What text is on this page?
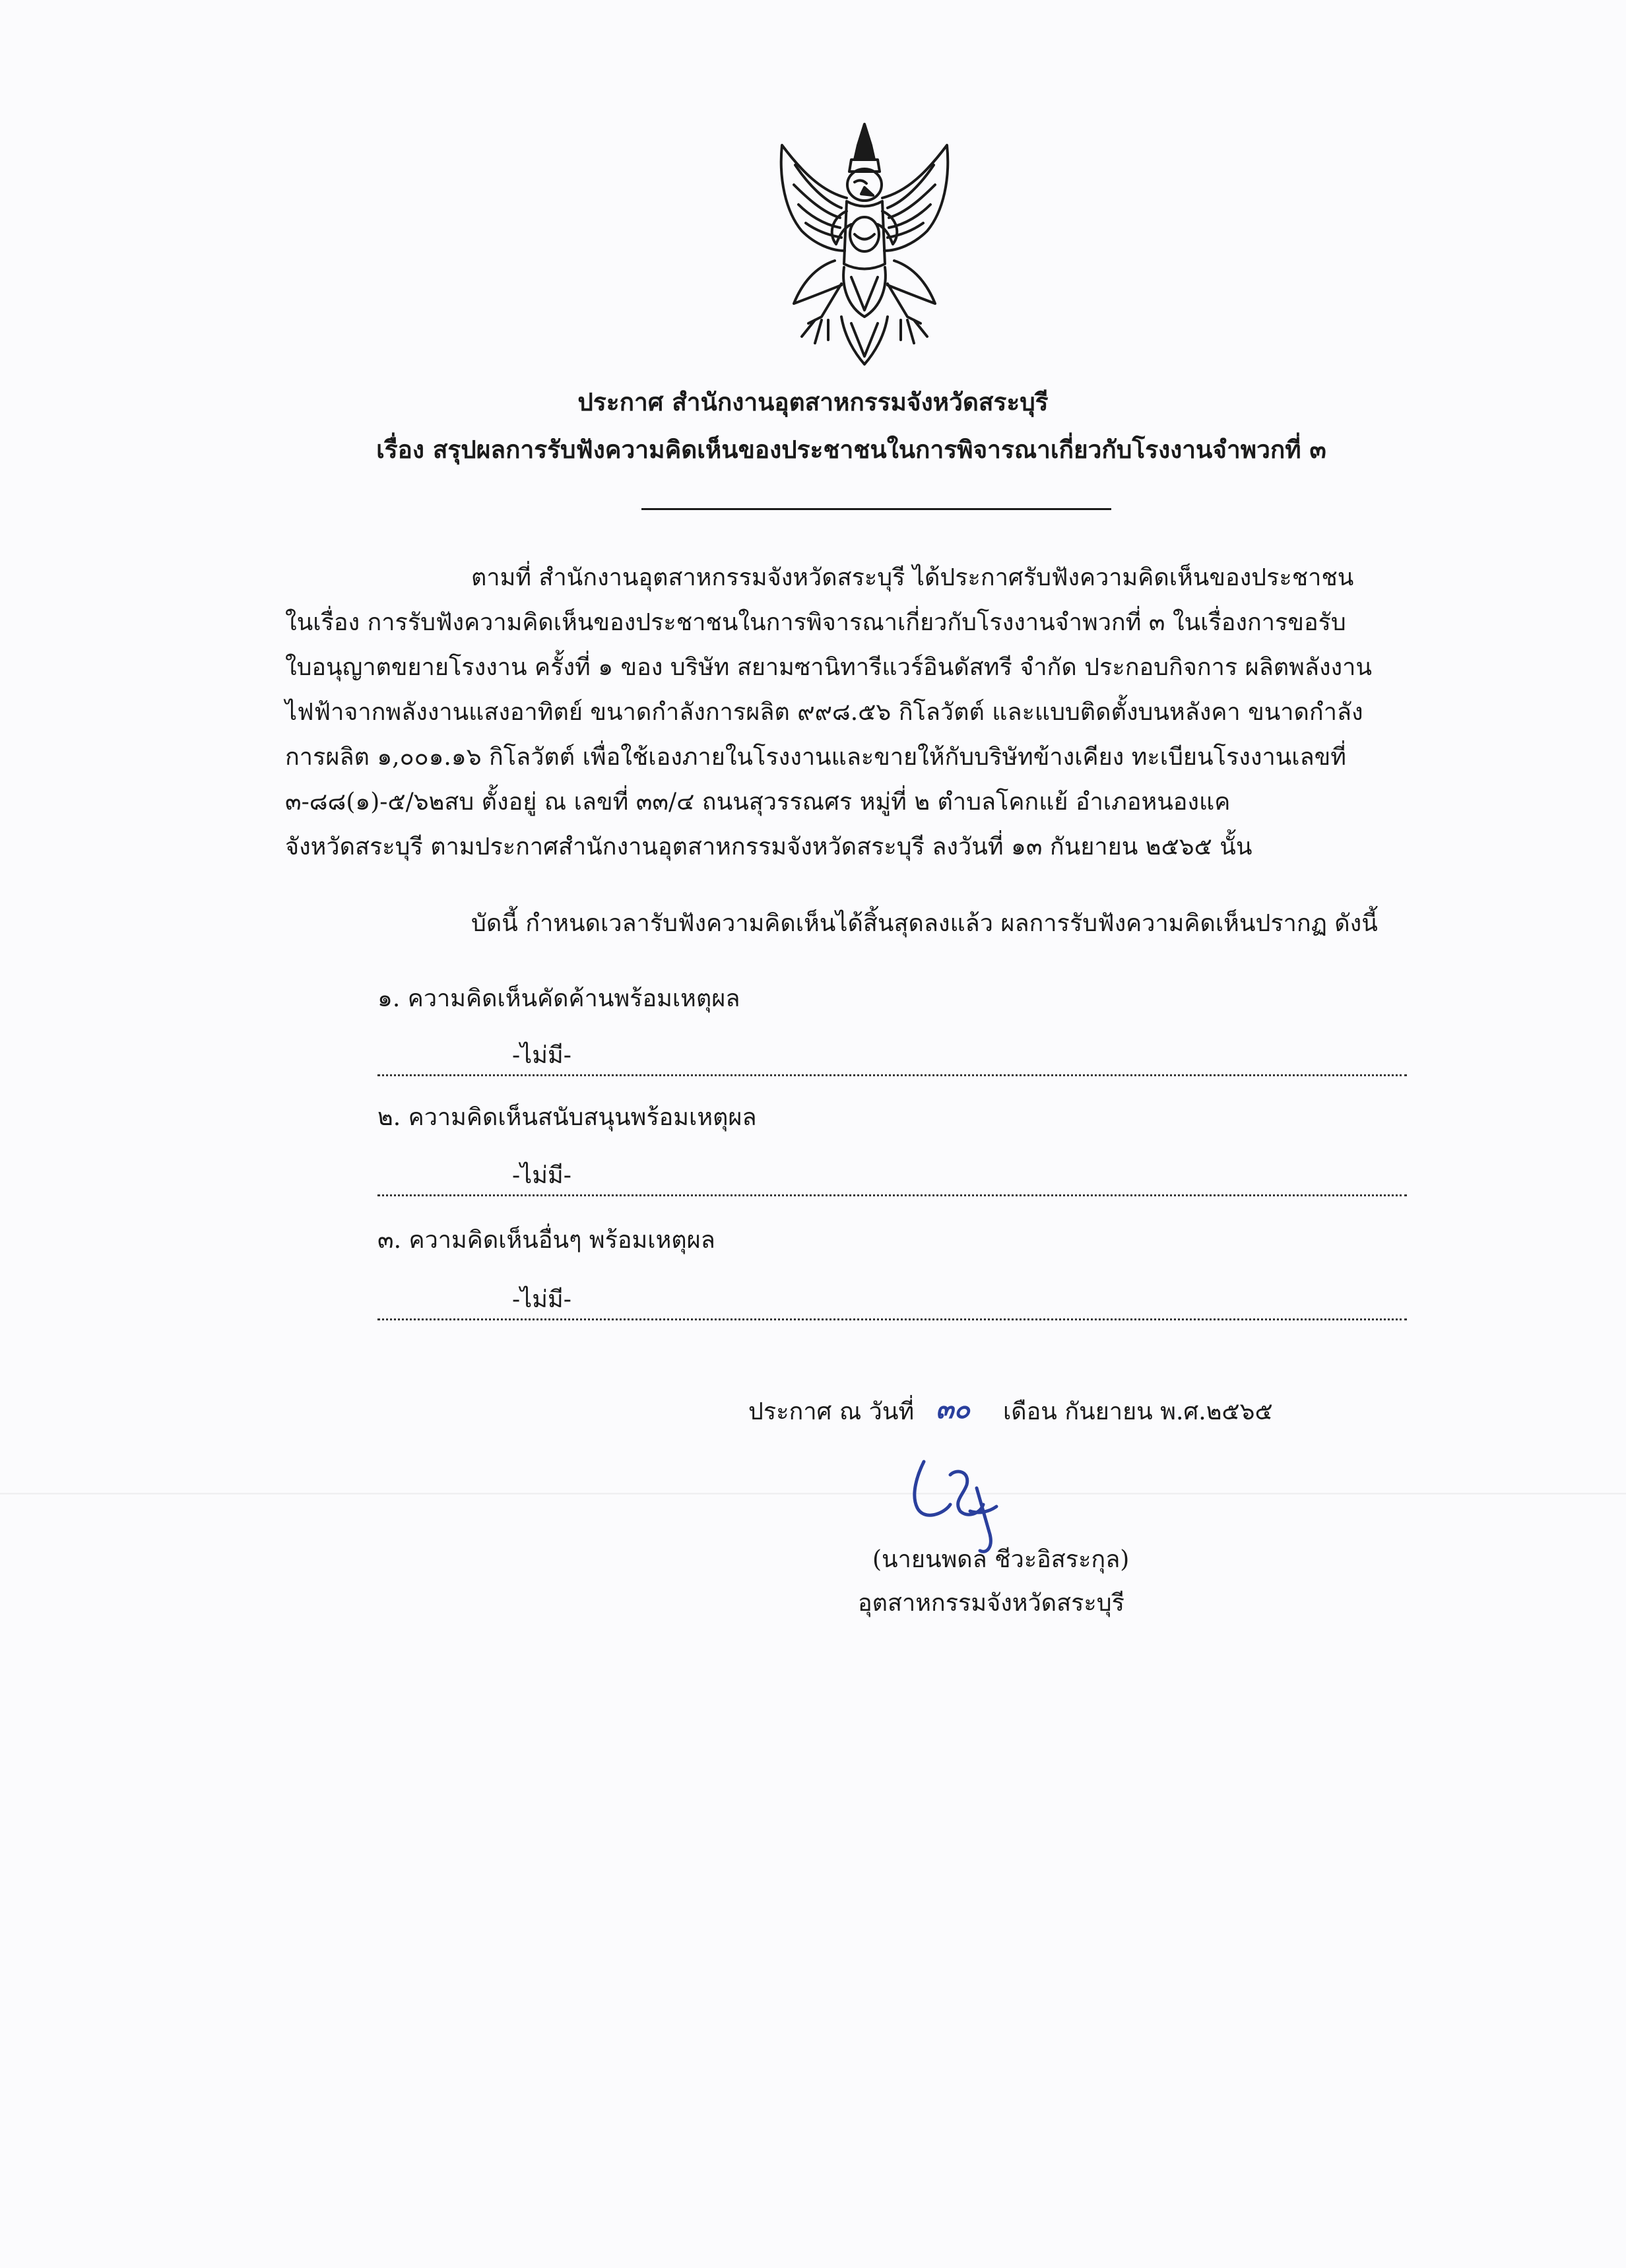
ประกาศ สำนักงานอุตสาหกรรมจังหวัดสระบุรี
เรื่อง สรุปผลการรับฟังความคิดเห็นของประชาชนในการพิจารณาเกี่ยวกับโรงงานจำพวกที่ ๓
ตามที่ สำนักงานอุตสาหกรรมจังหวัดสระบุรี ได้ประกาศรับฟังความคิดเห็นของประชาชน
ในเรื่อง การรับฟังความคิดเห็นของประชาชนในการพิจารณาเกี่ยวกับโรงงานจำพวกที่ ๓ ในเรื่องการขอรับ
ใบอนุญาตขยายโรงงาน ครั้งที่ ๑ ของ บริษัท สยามซานิทารีแวร์อินดัสทรี จำกัด ประกอบกิจการ ผลิตพลังงาน
ไฟฟ้าจากพลังงานแสงอาทิตย์ ขนาดกำลังการผลิต ๙๙๘.๕๖ กิโลวัตต์ และแบบติดตั้งบนหลังคา ขนาดกำลัง
การผลิต ๑,๐๐๑.๑๖ กิโลวัตต์ เพื่อใช้เองภายในโรงงานและขายให้กับบริษัทข้างเคียง ทะเบียนโรงงานเลขที่
๓-๘๘(๑)-๕/๖๒สบ ตั้งอยู่ ณ เลขที่ ๓๓/๔ ถนนสุวรรณศร หมู่ที่ ๒ ตำบลโคกแย้ อำเภอหนองแค
จังหวัดสระบุรี ตามประกาศสำนักงานอุตสาหกรรมจังหวัดสระบุรี ลงวันที่ ๑๓ กันยายน ๒๕๖๕ นั้น
บัดนี้ กำหนดเวลารับฟังความคิดเห็นได้สิ้นสุดลงแล้ว ผลการรับฟังความคิดเห็นปรากฏ ดังนี้
๑. ความคิดเห็นคัดค้านพร้อมเหตุผล
-ไม่มี-
๒. ความคิดเห็นสนับสนุนพร้อมเหตุผล
-ไม่มี-
๓. ความคิดเห็นอื่นๆ พร้อมเหตุผล
-ไม่มี-
ประกาศ ณ วันที่ ๓๐ เดือน กันยายน พ.ศ.๒๕๖๕
(นายนพดล ชีวะอิสระกุล)
อุตสาหกรรมจังหวัดสระบุรี
